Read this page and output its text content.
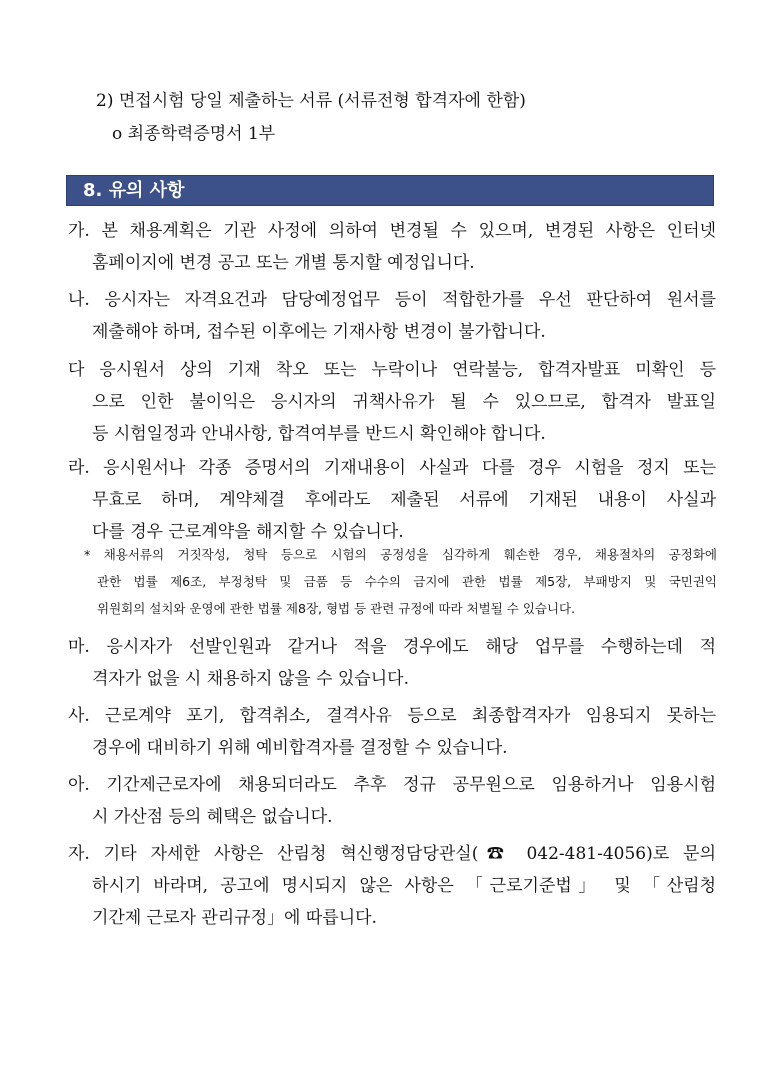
2) 면접시험 당일 제출하는 서류 (서류전형 합격자에 한함)
o 최종학력증명서 1부
8. 유의 사항
가. 본 채용계획은 기관 사정에 의하여 변경될 수 있으며, 변경된 사항은 인터넷
홈페이지에 변경 공고 또는 개별 통지할 예정입니다.
나. 응시자는 자격요건과 담당예정업무 등이 적합한가를 우선 판단하여 원서를
제출해야 하며, 접수된 이후에는 기재사항 변경이 불가합니다.
다 응시원서 상의 기재 착오 또는 누락이나 연락불능, 합격자발표 미확인 등
으로 인한 불이익은 응시자의 귀책사유가 될 수 있으므로, 합격자 발표일
등 시험일정과 안내사항, 합격여부를 반드시 확인해야 합니다.
라. 응시원서나 각종 증명서의 기재내용이 사실과 다를 경우 시험을 정지 또는
무효로 하며, 계약체결 후에라도 제출된 서류에 기재된 내용이 사실과
다를 경우 근로계약을 해지할 수 있습니다.
* 채용서류의 거짓작성, 청탁 등으로 시험의 공정성을 심각하게 훼손한 경우, 채용절차의 공정화에
관한 법률 제6조, 부정청탁 및 금품 등 수수의 금지에 관한 법률 제5장, 부패방지 및 국민권익
위원회의 설치와 운영에 관한 법률 제8장, 형법 등 관련 규정에 따라 처벌될 수 있습니다.
마. 응시자가 선발인원과 같거나 적을 경우에도 해당 업무를 수행하는데 적
격자가 없을 시 채용하지 않을 수 있습니다.
사. 근로계약 포기, 합격취소, 결격사유 등으로 최종합격자가 임용되지 못하는
경우에 대비하기 위해 예비합격자를 결정할 수 있습니다.
아. 기간제근로자에 채용되더라도 추후 정규 공무원으로 임용하거나 임용시험
시 가산점 등의 혜택은 없습니다.
자. 기타 자세한 사항은 산림청 혁신행정담당관실(☎ 042-481-4056)로 문의
하시기 바라며, 공고에 명시되지 않은 사항은 「근로기준법」 및 「산림청
기간제 근로자 관리규정」에 따릅니다.
